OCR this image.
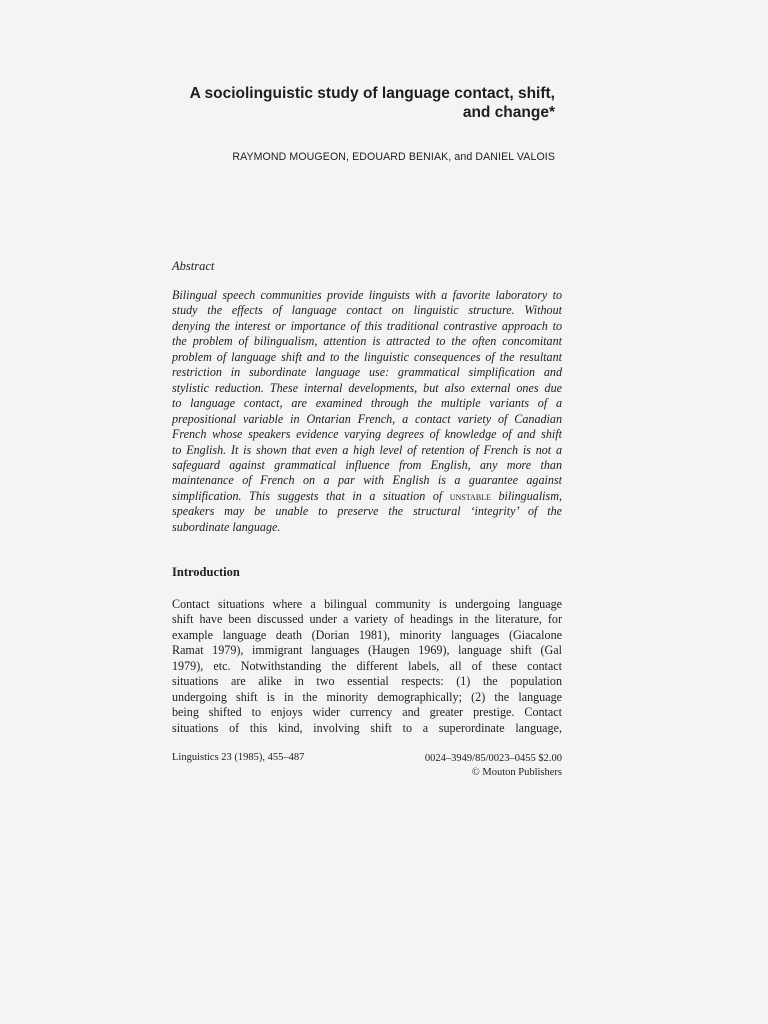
A sociolinguistic study of language contact, shift,
and change*
RAYMOND MOUGEON, EDOUARD BENIAK, and DANIEL VALOIS
Abstract
Bilingual speech communities provide linguists with a favorite laboratory to
study the effects of language contact on linguistic structure. Without
denying the interest or importance of this traditional contrastive approach to
the problem of bilingualism, attention is attracted to the often concomitant
problem of language shift and to the linguistic consequences of the resultant
restriction in subordinate language use: grammatical simplification and
stylistic reduction. These internal developments, but also external ones due
to language contact, are examined through the multiple variants of a
prepositional variable in Ontarian French, a contact variety of Canadian
French whose speakers evidence varying degrees of knowledge of and shift
to English. It is shown that even a high level of retention of French is not a
safeguard against grammatical influence from English, any more than
maintenance of French on a par with English is a guarantee against
simplification. This suggests that in a situation of unstable bilingualism,
speakers may be unable to preserve the structural ‘integrity’ of the
subordinate language.
Introduction
Contact situations where a bilingual community is undergoing language
shift have been discussed under a variety of headings in the literature, for
example language death (Dorian 1981), minority languages (Giacalone
Ramat 1979), immigrant languages (Haugen 1969), language shift (Gal
1979), etc. Notwithstanding the different labels, all of these contact
situations are alike in two essential respects: (1) the population
undergoing shift is in the minority demographically; (2) the language
being shifted to enjoys wider currency and greater prestige. Contact
situations of this kind, involving shift to a superordinate language,
Linguistics 23 (1985), 455–487	0024–3949/85/0023–0455 $2.00
© Mouton Publishers
